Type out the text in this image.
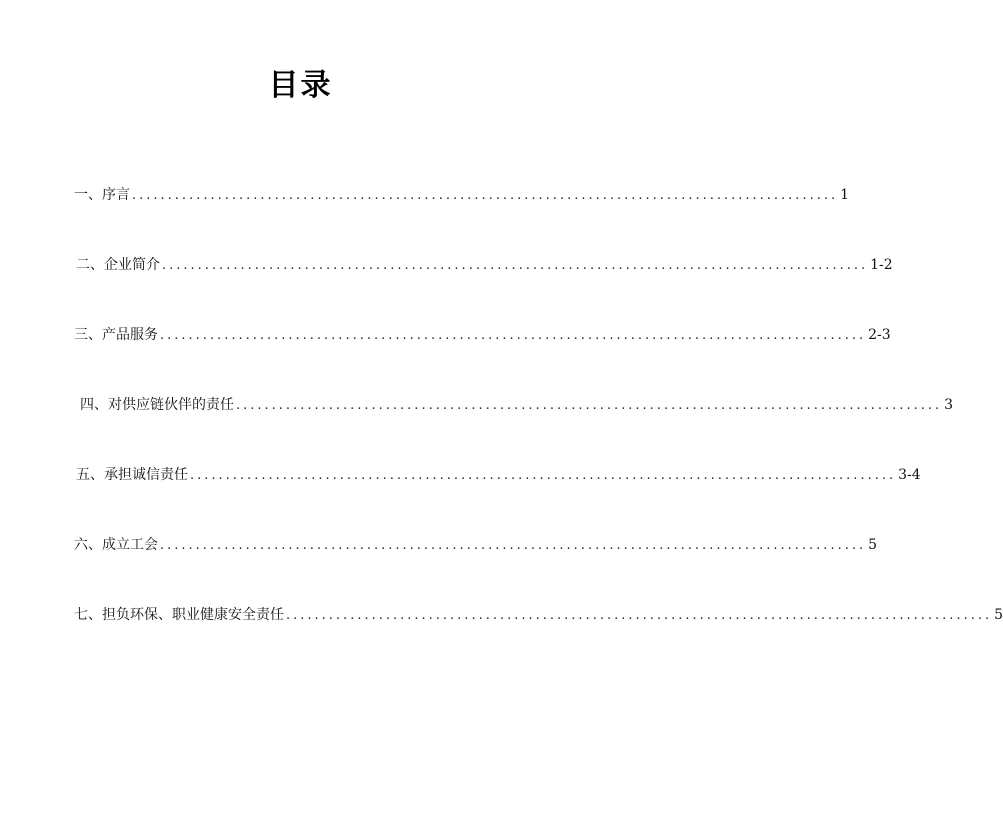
目录
一、序言 ................................................................................................... 1
二、企业简介 ................................................................................................... 1-2
三、产品服务 ................................................................................................... 2-3
四、对供应链伙伴的责任 ................................................................................................... 3
五、承担诚信责任 ................................................................................................... 3-4
六、成立工会 ................................................................................................... 5
七、担负环保、职业健康安全责任 ................................................................................................... 5
